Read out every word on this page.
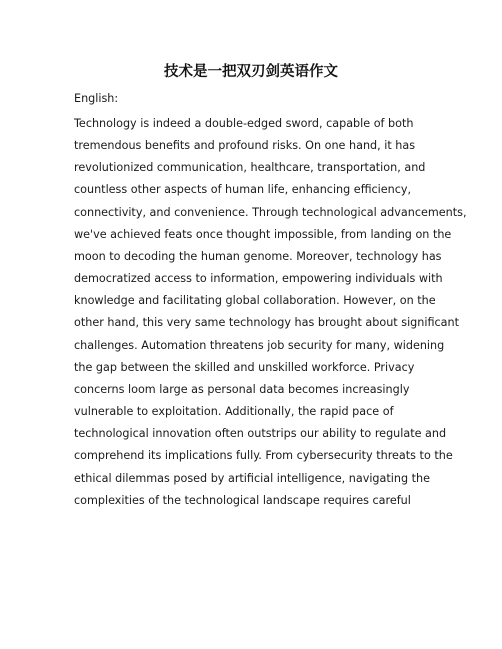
技术是一把双刃剑英语作文

English:

Technology is indeed a double-edged sword, capable of both
tremendous benefits and profound risks. On one hand, it has
revolutionized communication, healthcare, transportation, and
countless other aspects of human life, enhancing efficiency,
connectivity, and convenience. Through technological advancements,
we've achieved feats once thought impossible, from landing on the
moon to decoding the human genome. Moreover, technology has
democratized access to information, empowering individuals with
knowledge and facilitating global collaboration. However, on the
other hand, this very same technology has brought about significant
challenges. Automation threatens job security for many, widening
the gap between the skilled and unskilled workforce. Privacy
concerns loom large as personal data becomes increasingly
vulnerable to exploitation. Additionally, the rapid pace of
technological innovation often outstrips our ability to regulate and
comprehend its implications fully. From cybersecurity threats to the
ethical dilemmas posed by artificial intelligence, navigating the
complexities of the technological landscape requires careful
